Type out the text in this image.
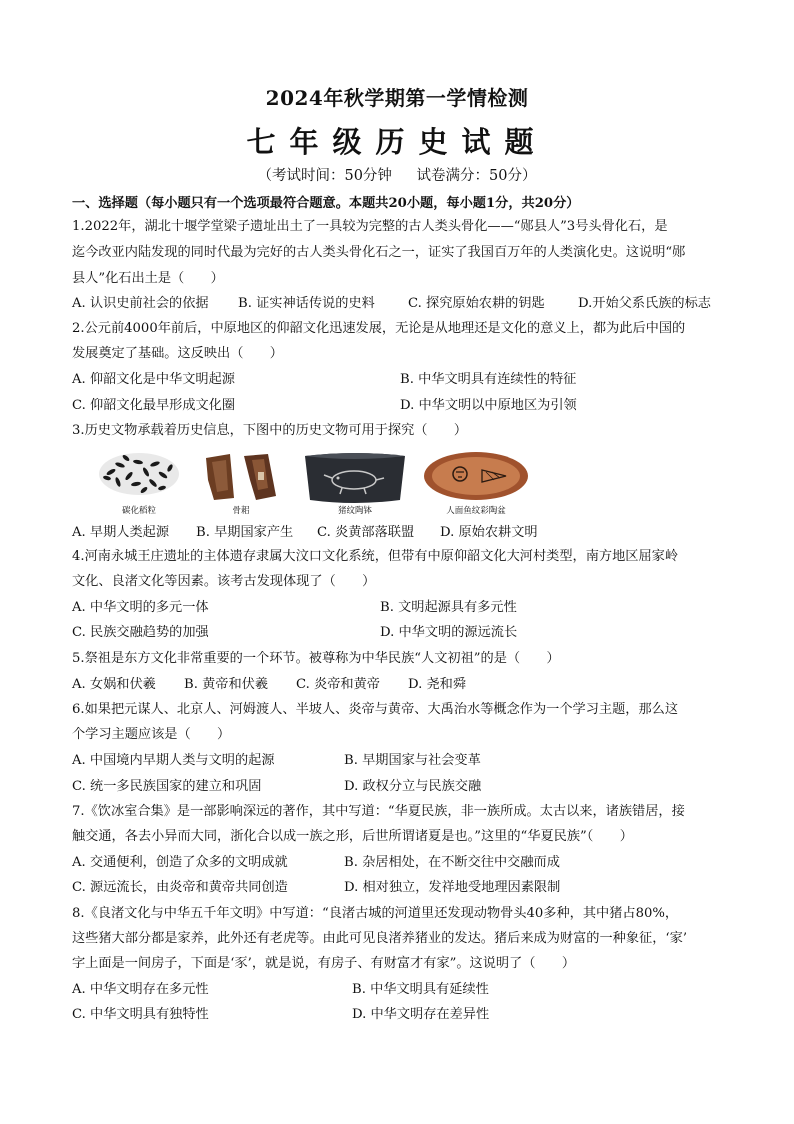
2024年秋学期第一学情检测
七年级历史试题
（考试时间：50分钟 试卷满分：50分）
一、选择题（每小题只有一个选项最符合题意。本题共20小题，每小题1分，共20分）
1.2022年，湖北十堰学堂梁子遗址出土了一具较为完整的古人类头骨化——“郧县人”3号头骨化石，是
迄今改亚内陆发现的同时代最为完好的古人类头骨化石之一，证实了我国百万年的人类演化史。这说明“郧
县人”化石出土是（　　）
A. 认识史前社会的依据 B. 证实神话传说的史料	C. 探究原始农耕的钥匙	D.开始父系氏族的标志
2.公元前4000年前后，中原地区的仰韶文化迅速发展，无论是从地理还是文化的意义上，都为此后中国的
发展奠定了基础。这反映出（　　）
A. 仰韶文化是中华文明起源	B. 中华文明具有连续性的特征
C. 仰韶文化最早形成文化圈	D. 中华文明以中原地区为引领
3.历史文物承载着历史信息，下图中的历史文物可用于探究（　　）
碳化稻粒	骨耜	猪纹陶钵	人面鱼纹彩陶盆
A. 早期人类起源 B. 早期国家产生 C. 炎黄部落联盟 D. 原始农耕文明
4.河南永城王庄遗址的主体遗存隶属大汶口文化系统，但带有中原仰韶文化大河村类型，南方地区屈家岭
文化、良渚文化等因素。该考古发现体现了（　　）
A. 中华文明的多元一体	B. 文明起源具有多元性
C. 民族交融趋势的加强	D. 中华文明的源远流长
5.祭祖是东方文化非常重要的一个环节。被尊称为中华民族“人文初祖”的是（　　）
A. 女娲和伏羲 B. 黄帝和伏羲 C. 炎帝和黄帝 D. 尧和舜
6.如果把元谋人、北京人、河姆渡人、半坡人、炎帝与黄帝、大禹治水等概念作为一个学习主题，那么这
个学习主题应该是（　　）
A. 中国境内早期人类与文明的起源	B. 早期国家与社会变革
C. 统一多民族国家的建立和巩固	D. 政权分立与民族交融
7.《饮冰室合集》是一部影响深远的著作，其中写道：“华夏民族，非一族所成。太古以来，诸族错居，接
触交通，各去小异而大同，浙化合以成一族之形，后世所谓诸夏是也。”这里的“华夏民族”（　　）
A. 交通便利，创造了众多的文明成就	B. 杂居相处，在不断交往中交融而成
C. 源远流长，由炎帝和黄帝共同创造	D. 相对独立，发祥地受地理因素限制
8.《良渚文化与中华五千年文明》中写道：“良渚古城的河道里还发现动物骨头40多种，其中猪占80%，
这些猪大部分都是家养，此外还有老虎等。由此可见良渚养猪业的发达。猪后来成为财富的一种象征，‘家’
字上面是一间房子，下面是‘豕’，就是说，有房子、有财富才有家”。这说明了（　　）
A. 中华文明存在多元性	B. 中华文明具有延续性
C. 中华文明具有独特性	D. 中华文明存在差异性
